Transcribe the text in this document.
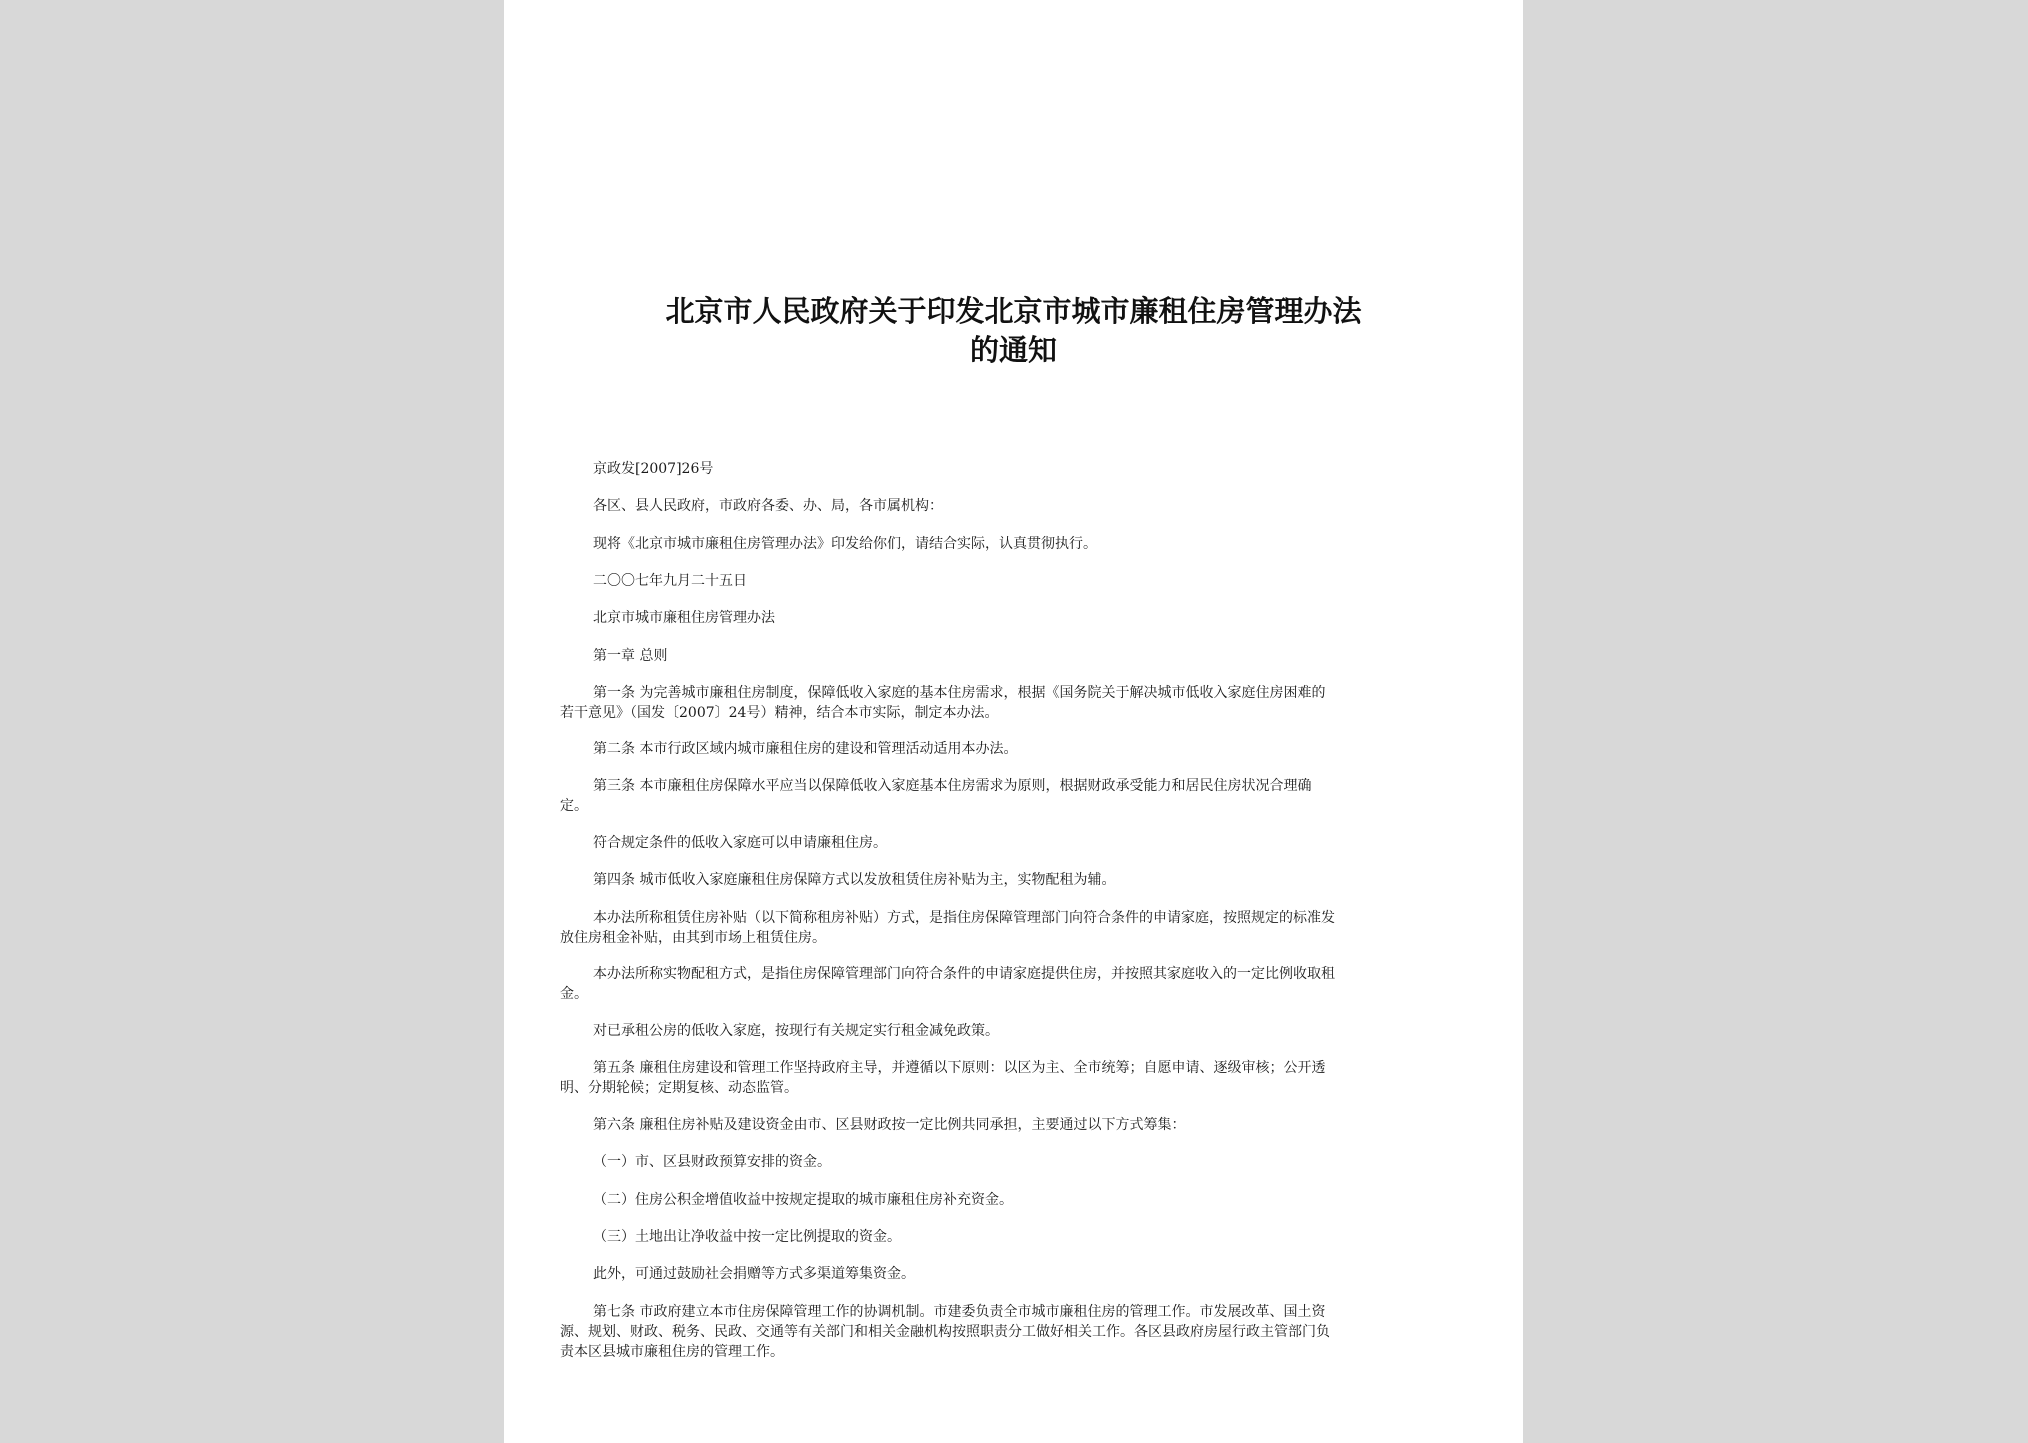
北京市人民政府关于印发北京市城市廉租住房管理办法
的通知
京政发[2007]26号
各区、县人民政府，市政府各委、办、局，各市属机构：
现将《北京市城市廉租住房管理办法》印发给你们，请结合实际，认真贯彻执行。
二〇〇七年九月二十五日
北京市城市廉租住房管理办法
第一章 总则
第一条 为完善城市廉租住房制度，保障低收入家庭的基本住房需求，根据《国务院关于解决城市低收入家庭住房困难的
若干意见》（国发〔2007〕24号）精神，结合本市实际，制定本办法。
第二条 本市行政区域内城市廉租住房的建设和管理活动适用本办法。
第三条 本市廉租住房保障水平应当以保障低收入家庭基本住房需求为原则，根据财政承受能力和居民住房状况合理确
定。
符合规定条件的低收入家庭可以申请廉租住房。
第四条 城市低收入家庭廉租住房保障方式以发放租赁住房补贴为主，实物配租为辅。
本办法所称租赁住房补贴（以下简称租房补贴）方式，是指住房保障管理部门向符合条件的申请家庭，按照规定的标准发
放住房租金补贴，由其到市场上租赁住房。
本办法所称实物配租方式，是指住房保障管理部门向符合条件的申请家庭提供住房，并按照其家庭收入的一定比例收取租
金。
对已承租公房的低收入家庭，按现行有关规定实行租金减免政策。
第五条 廉租住房建设和管理工作坚持政府主导，并遵循以下原则：以区为主、全市统筹；自愿申请、逐级审核；公开透
明、分期轮候；定期复核、动态监管。
第六条 廉租住房补贴及建设资金由市、区县财政按一定比例共同承担，主要通过以下方式筹集：
（一）市、区县财政预算安排的资金。
（二）住房公积金增值收益中按规定提取的城市廉租住房补充资金。
（三）土地出让净收益中按一定比例提取的资金。
此外，可通过鼓励社会捐赠等方式多渠道筹集资金。
第七条 市政府建立本市住房保障管理工作的协调机制。市建委负责全市城市廉租住房的管理工作。市发展改革、国土资
源、规划、财政、税务、民政、交通等有关部门和相关金融机构按照职责分工做好相关工作。各区县政府房屋行政主管部门负
责本区县城市廉租住房的管理工作。
